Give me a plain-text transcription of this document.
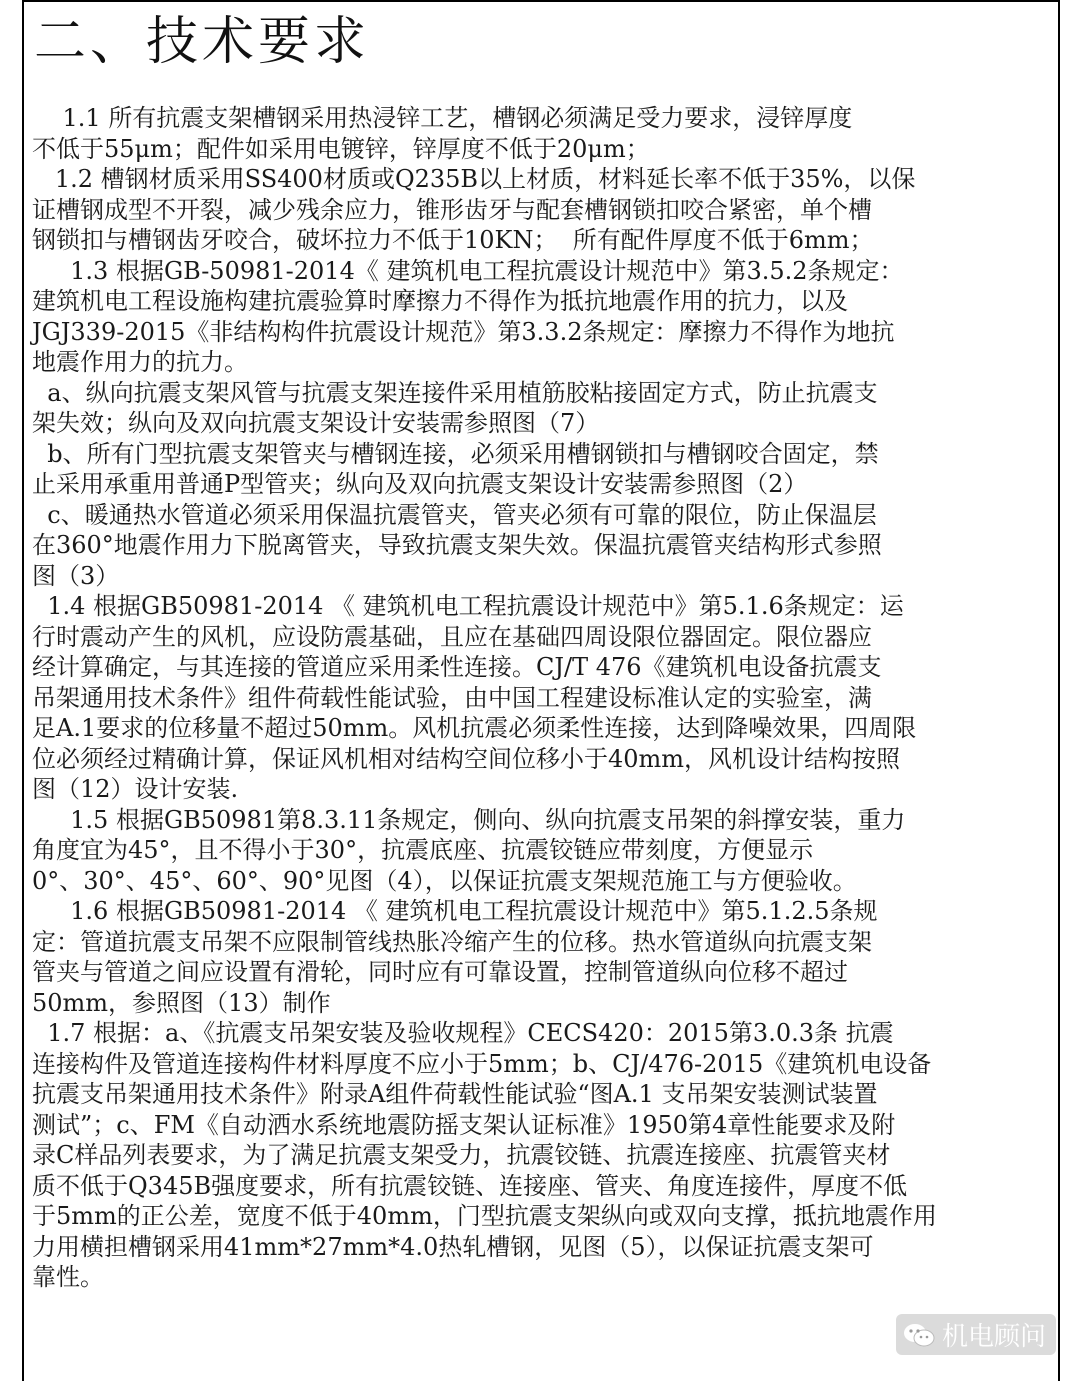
二、技术要求
1.1 所有抗震支架槽钢采用热浸锌工艺，槽钢必须满足受力要求，浸锌厚度
不低于55μm；配件如采用电镀锌，锌厚度不低于20μm；
1.2 槽钢材质采用SS400材质或Q235B以上材质，材料延长率不低于35%，以保
证槽钢成型不开裂，减少残余应力，锥形齿牙与配套槽钢锁扣咬合紧密，单个槽
钢锁扣与槽钢齿牙咬合，破坏拉力不低于10KN；  所有配件厚度不低于6mm；
1.3 根据GB-50981-2014《 建筑机电工程抗震设计规范中》第3.5.2条规定：
建筑机电工程设施构建抗震验算时摩擦力不得作为抵抗地震作用的抗力，以及
JGJ339-2015《非结构构件抗震设计规范》第3.3.2条规定：摩擦力不得作为地抗
地震作用力的抗力。
a、纵向抗震支架风管与抗震支架连接件采用植筋胶粘接固定方式，防止抗震支
架失效；纵向及双向抗震支架设计安装需参照图（7）
b、所有门型抗震支架管夹与槽钢连接，必须采用槽钢锁扣与槽钢咬合固定，禁
止采用承重用普通P型管夹；纵向及双向抗震支架设计安装需参照图（2）
c、暖通热水管道必须采用保温抗震管夹，管夹必须有可靠的限位，防止保温层
在360°地震作用力下脱离管夹，导致抗震支架失效。保温抗震管夹结构形式参照
图（3）
1.4 根据GB50981-2014 《 建筑机电工程抗震设计规范中》第5.1.6条规定：运
行时震动产生的风机，应设防震基础，且应在基础四周设限位器固定。限位器应
经计算确定，与其连接的管道应采用柔性连接。CJ/T 476《建筑机电设备抗震支
吊架通用技术条件》组件荷载性能试验，由中国工程建设标准认定的实验室，满
足A.1要求的位移量不超过50mm。风机抗震必须柔性连接，达到降噪效果，四周限
位必须经过精确计算，保证风机相对结构空间位移小于40mm，风机设计结构按照
图（12）设计安装.
1.5 根据GB50981第8.3.11条规定，侧向、纵向抗震支吊架的斜撑安装，重力
角度宜为45°，且不得小于30°，抗震底座、抗震铰链应带刻度，方便显示
0°、30°、45°、60°、90°见图（4），以保证抗震支架规范施工与方便验收。
1.6 根据GB50981-2014 《 建筑机电工程抗震设计规范中》第5.1.2.5条规
定：管道抗震支吊架不应限制管线热胀冷缩产生的位移。热水管道纵向抗震支架
管夹与管道之间应设置有滑轮，同时应有可靠设置，控制管道纵向位移不超过
50mm，参照图（13）制作
1.7 根据：a、《抗震支吊架安装及验收规程》CECS420：2015第3.0.3条 抗震
连接构件及管道连接构件材料厚度不应小于5mm；b、CJ/476-2015《建筑机电设备
抗震支吊架通用技术条件》附录A组件荷载性能试验“图A.1 支吊架安装测试装置
测试”；c、FM《自动洒水系统地震防摇支架认证标准》1950第4章性能要求及附
录C样品列表要求，为了满足抗震支架受力，抗震铰链、抗震连接座、抗震管夹材
质不低于Q345B强度要求，所有抗震铰链、连接座、管夹、角度连接件，厚度不低
于5mm的正公差，宽度不低于40mm，门型抗震支架纵向或双向支撑，抵抗地震作用
力用横担槽钢采用41mm*27mm*4.0热轧槽钢，见图（5），以保证抗震支架可
靠性。
机电顾问
